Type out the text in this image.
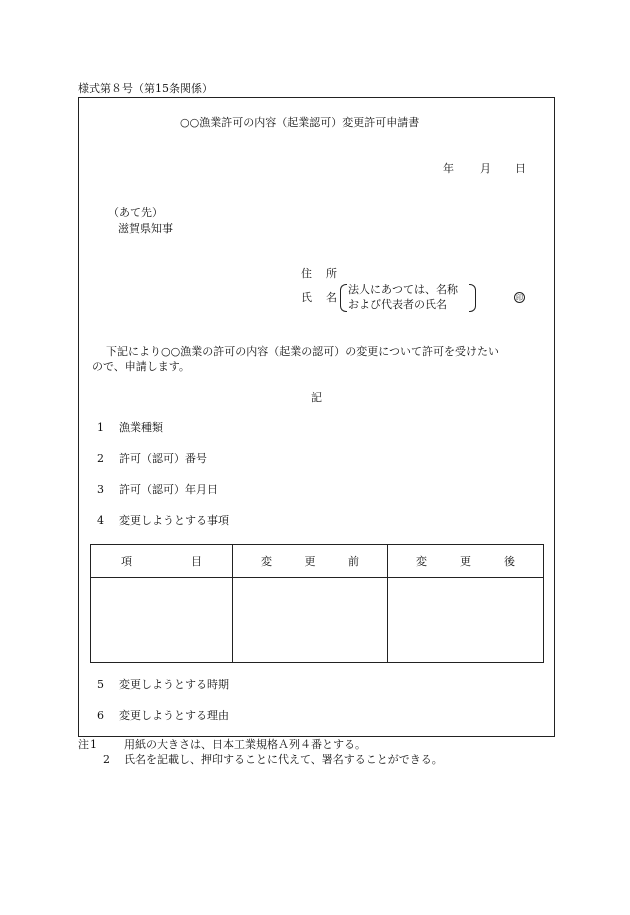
様式第８号（第15条関係）
○○漁業許可の内容（起業認可）変更許可申請書
年 月 日
（あて先）
滋賀県知事
住 所
氏 名
法人にあつては、名称
および代表者の氏名	印
下記により○○漁業の許可の内容（起業の認可）の変更について許可を受けたい
ので、申請します。
記
1 漁業種類
2 許可（認可）番号
3 許可（認可）年月日
4 変更しようとする事項
項 目	変 更 前	変 更 後

5 変更しようとする時期
6 変更しようとする理由
注 1 用紙の大きさは、日本工業規格Ａ列４番とする。
2 氏名を記載し、押印することに代えて、署名することができる。
